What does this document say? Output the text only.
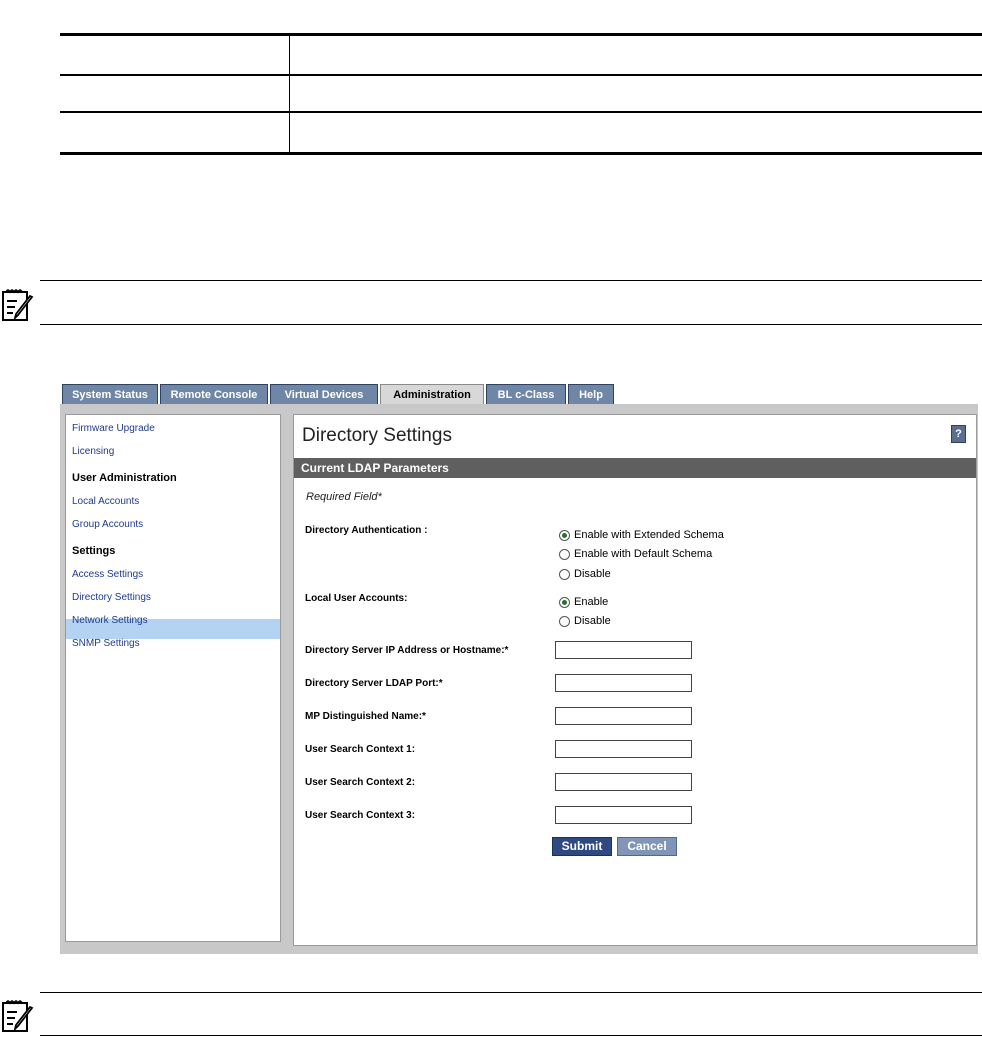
System Status	Remote Console	Virtual Devices	Administration	BL c-Class	Help
Firmware Upgrade
Licensing
User Administration
Local Accounts
Group Accounts
Settings
Access Settings
Directory Settings
Network Settings
SNMP Settings
Directory Settings	?
Current LDAP Parameters
Required Field*
Directory Authentication :	Enable with Extended Schema
Enable with Default Schema
Disable
Local User Accounts:	Enable
Disable
Directory Server IP Address or Hostname:*
Directory Server LDAP Port:*
MP Distinguished Name:*
User Search Context 1:
User Search Context 2:
User Search Context 3:
Submit	Cancel
